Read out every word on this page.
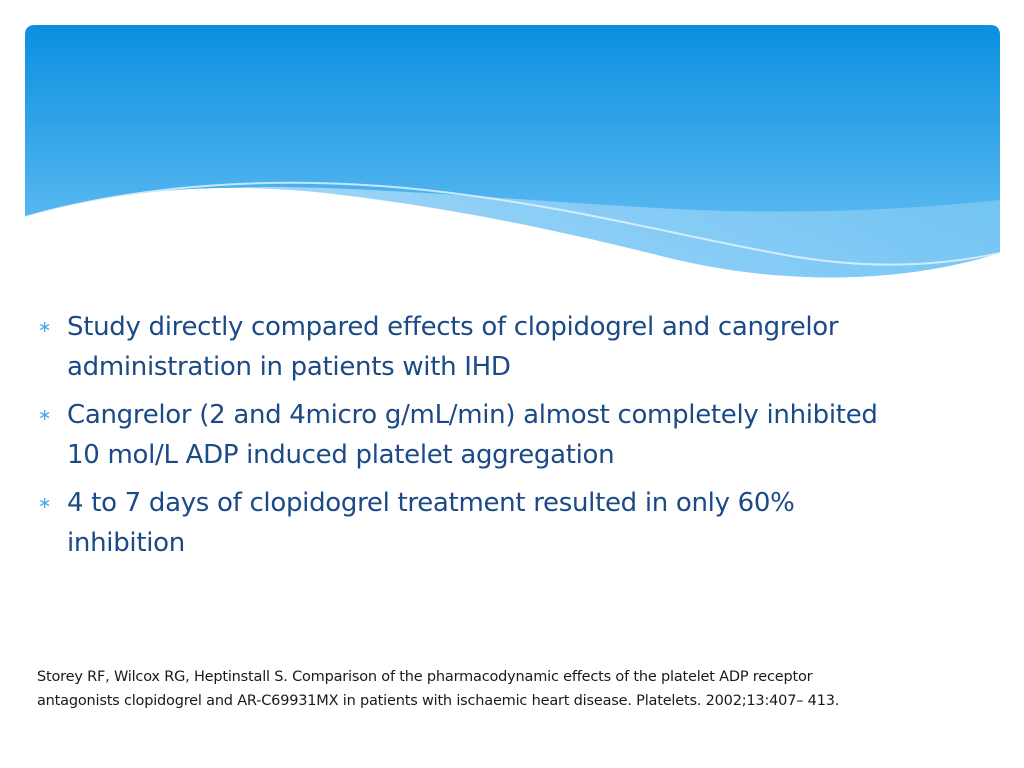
∗ Study directly compared effects of clopidogrel and cangrelor
administration in patients with IHD
∗ Cangrelor (2 and 4micro g/mL/min) almost completely inhibited
10 mol/L ADP induced platelet aggregation
∗ 4 to 7 days of clopidogrel treatment resulted in only 60%
inhibition
Storey RF, Wilcox RG, Heptinstall S. Comparison of the pharmacodynamic effects of the platelet ADP receptor
antagonists clopidogrel and AR-C69931MX in patients with ischaemic heart disease. Platelets. 2002;13:407– 413.
